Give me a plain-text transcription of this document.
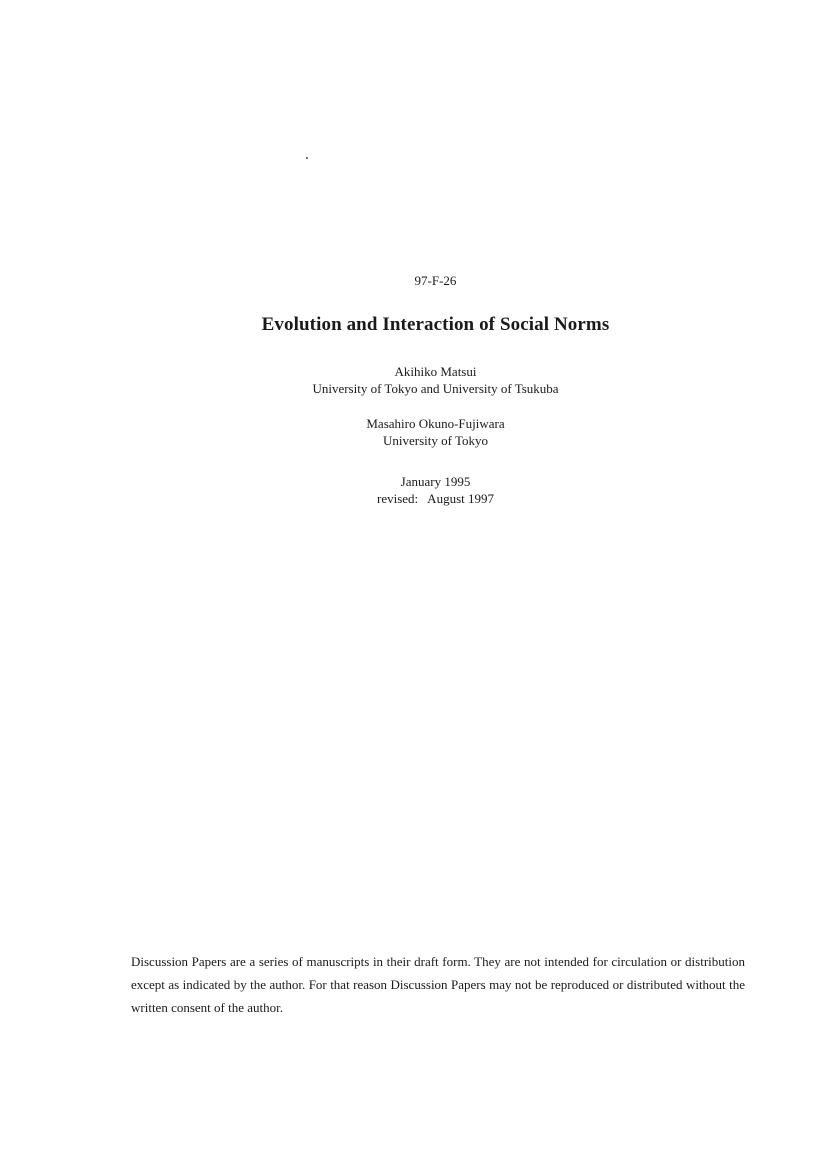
97-F-26
Evolution and Interaction of Social Norms
Akihiko Matsui
University of Tokyo and University of Tsukuba
Masahiro Okuno-Fujiwara
University of Tokyo
January 1995
revised:   August 1997
Discussion Papers are a series of manuscripts in their draft form. They are not intended for circulation or distribution except as indicated by the author. For that reason Discussion Papers may not be reproduced or distributed without the written consent of the author.
